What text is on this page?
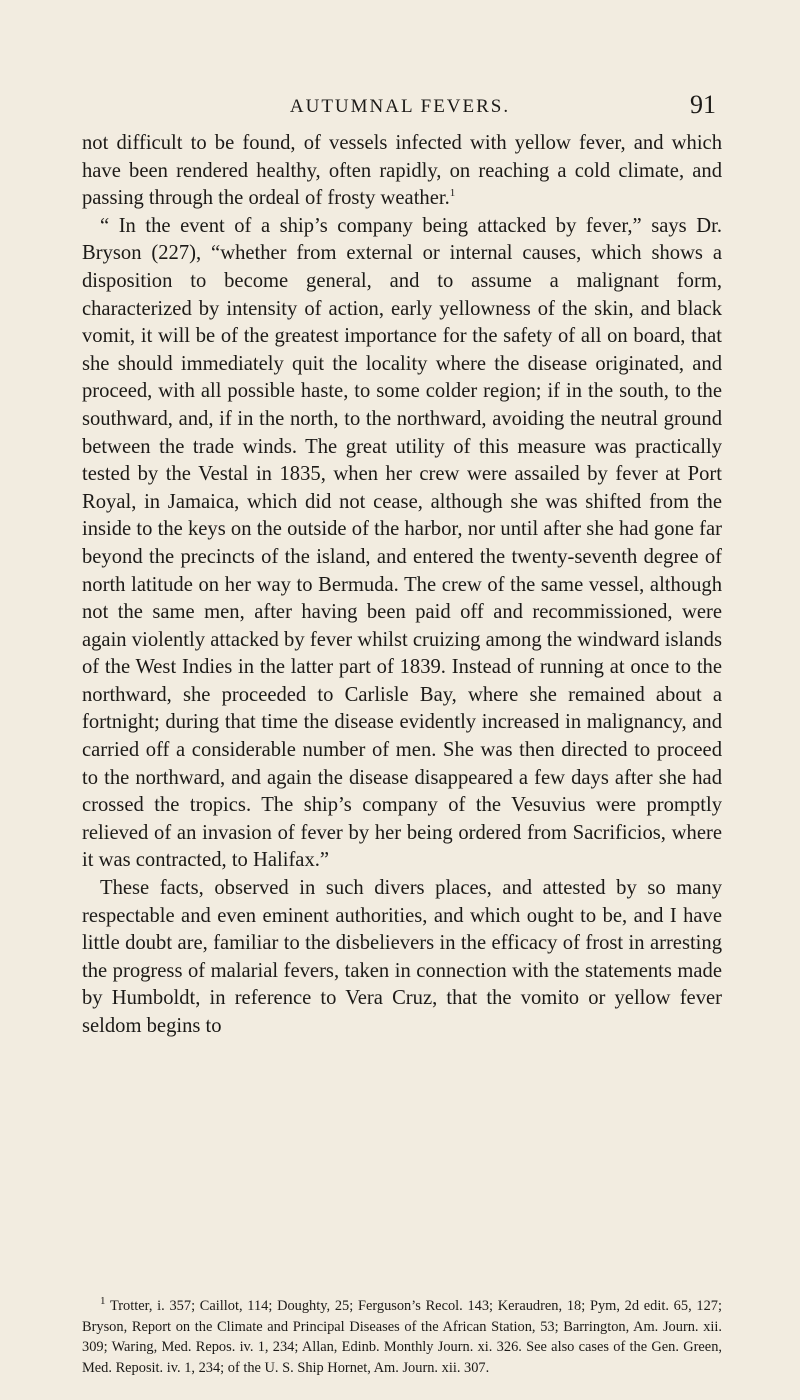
AUTUMNAL FEVERS.	91

not difficult to be found, of vessels infected with yellow fever, and which have been rendered healthy, often rapidly, on reaching a cold climate, and passing through the ordeal of frosty weather.$^1$

“ In the event of a ship’s company being attacked by fever,” says Dr. Bryson (227), “whether from external or internal causes, which shows a disposition to become general, and to assume a malignant form, characterized by intensity of action, early yellowness of the skin, and black vomit, it will be of the greatest importance for the safety of all on board, that she should immediately quit the locality where the disease originated, and proceed, with all possible haste, to some colder region; if in the south, to the southward, and, if in the north, to the northward, avoiding the neutral ground between the trade winds. The great utility of this measure was practically tested by the Vestal in 1835, when her crew were assailed by fever at Port Royal, in Jamaica, which did not cease, although she was shifted from the inside to the keys on the outside of the harbor, nor until after she had gone far beyond the precincts of the island, and entered the twenty-seventh degree of north latitude on her way to Bermuda. The crew of the same vessel, although not the same men, after having been paid off and recommissioned, were again violently attacked by fever whilst cruizing among the windward islands of the West Indies in the latter part of 1839. Instead of running at once to the northward, she proceeded to Carlisle Bay, where she remained about a fortnight; during that time the disease evidently increased in malignancy, and carried off a considerable number of men. She was then directed to proceed to the northward, and again the disease disappeared a few days after she had crossed the tropics. The ship’s company of the Vesuvius were promptly relieved of an invasion of fever by her being ordered from Sacrificios, where it was contracted, to Halifax.”

These facts, observed in such divers places, and attested by so many respectable and even eminent authorities, and which ought to be, and I have little doubt are, familiar to the disbelievers in the efficacy of frost in arresting the progress of malarial fevers, taken in connection with the statements made by Humboldt, in reference to Vera Cruz, that the vomito or yellow fever seldom begins to

$^1$ Trotter, i. 357; Caillot, 114; Doughty, 25; Ferguson’s Recol. 143; Keraudren, 18; Pym, 2d edit. 65, 127; Bryson, Report on the Climate and Principal Diseases of the African Station, 53; Barrington, Am. Journ. xii. 309; Waring, Med. Repos. iv. 1, 234; Allan, Edinb. Monthly Journ. xi. 326. See also cases of the Gen. Green, Med. Reposit. iv. 1, 234; of the U. S. Ship Hornet, Am. Journ. xii. 307.
